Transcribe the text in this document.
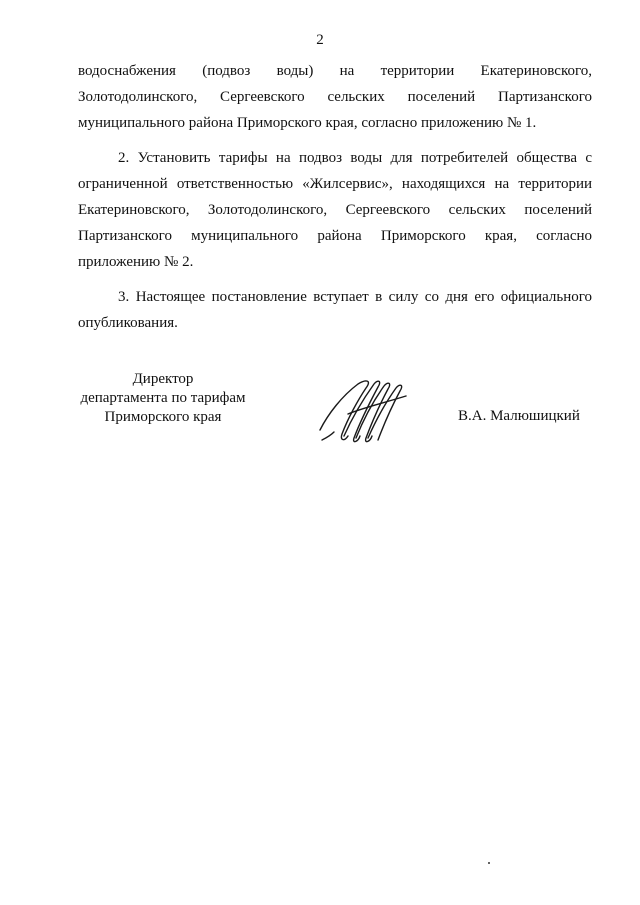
2
водоснабжения (подвоз воды) на территории Екатериновского,
Золотодолинского, Сергеевского сельских поселений Партизанского
муниципального района Приморского края, согласно приложению № 1.
2. Установить тарифы на подвоз воды для потребителей общества с
ограниченной ответственностью «Жилсервис», находящихся на территории
Екатериновского, Золотодолинского, Сергеевского сельских поселений
Партизанского муниципального района Приморского края, согласно
приложению № 2.
3. Настоящее постановление вступает в силу со дня его официального
опубликования.
Директор
департамента по тарифам
Приморского края	В.А. Малюшицкий
